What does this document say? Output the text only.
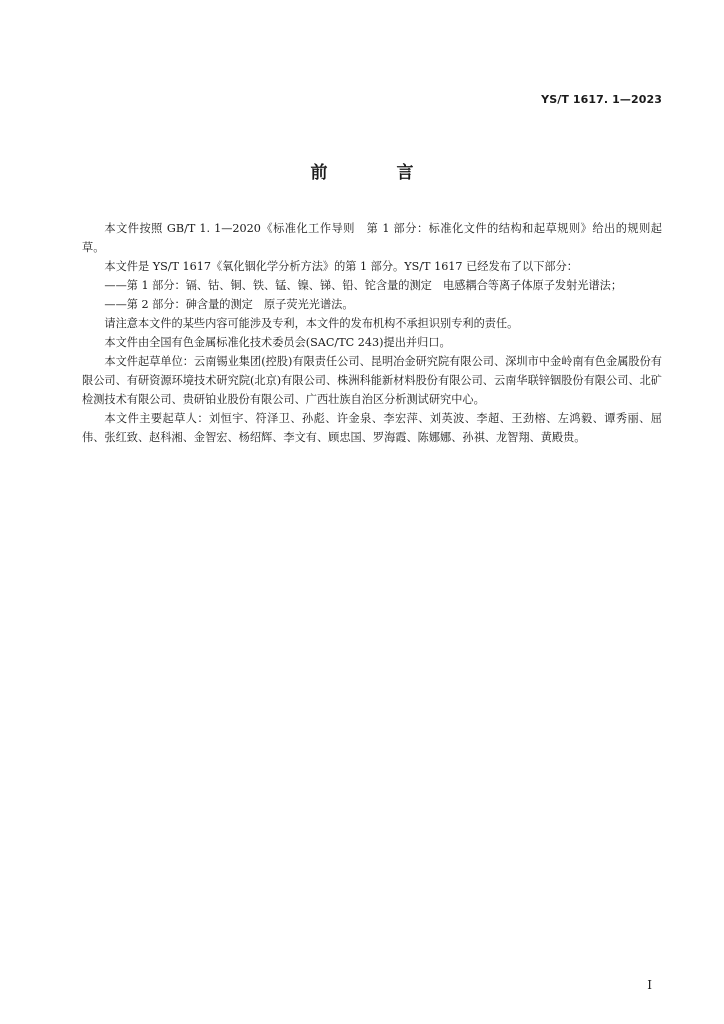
YS/T 1617. 1—2023
前　言

本文件按照 GB/T 1. 1—2020《标准化工作导则　第 1 部分：标准化文件的结构和起草规则》给出的规则起草。

本文件是 YS/T 1617《氧化铟化学分析方法》的第 1 部分。YS/T 1617 已经发布了以下部分：

——第 1 部分：镉、钴、铜、铁、锰、镍、锑、铅、铊含量的测定　电感耦合等离子体原子发射光谱法；

——第 2 部分：砷含量的测定　原子荧光光谱法。

请注意本文件的某些内容可能涉及专利，本文件的发布机构不承担识别专利的责任。

本文件由全国有色金属标准化技术委员会(SAC/TC 243)提出并归口。

本文件起草单位：云南锡业集团(控股)有限责任公司、昆明冶金研究院有限公司、深圳市中金岭南有色金属股份有限公司、有研资源环境技术研究院(北京)有限公司、株洲科能新材料股份有限公司、云南华联锌铟股份有限公司、北矿检测技术有限公司、贵研铂业股份有限公司、广西壮族自治区分析测试研究中心。

本文件主要起草人：刘恒宇、符泽卫、孙彪、许金泉、李宏萍、刘英波、李超、王劲榕、左鸿毅、谭秀丽、屈伟、张红致、赵科湘、金智宏、杨绍辉、李文有、顾忠国、罗海霞、陈娜娜、孙祺、龙智翔、黄殿贵。

I
